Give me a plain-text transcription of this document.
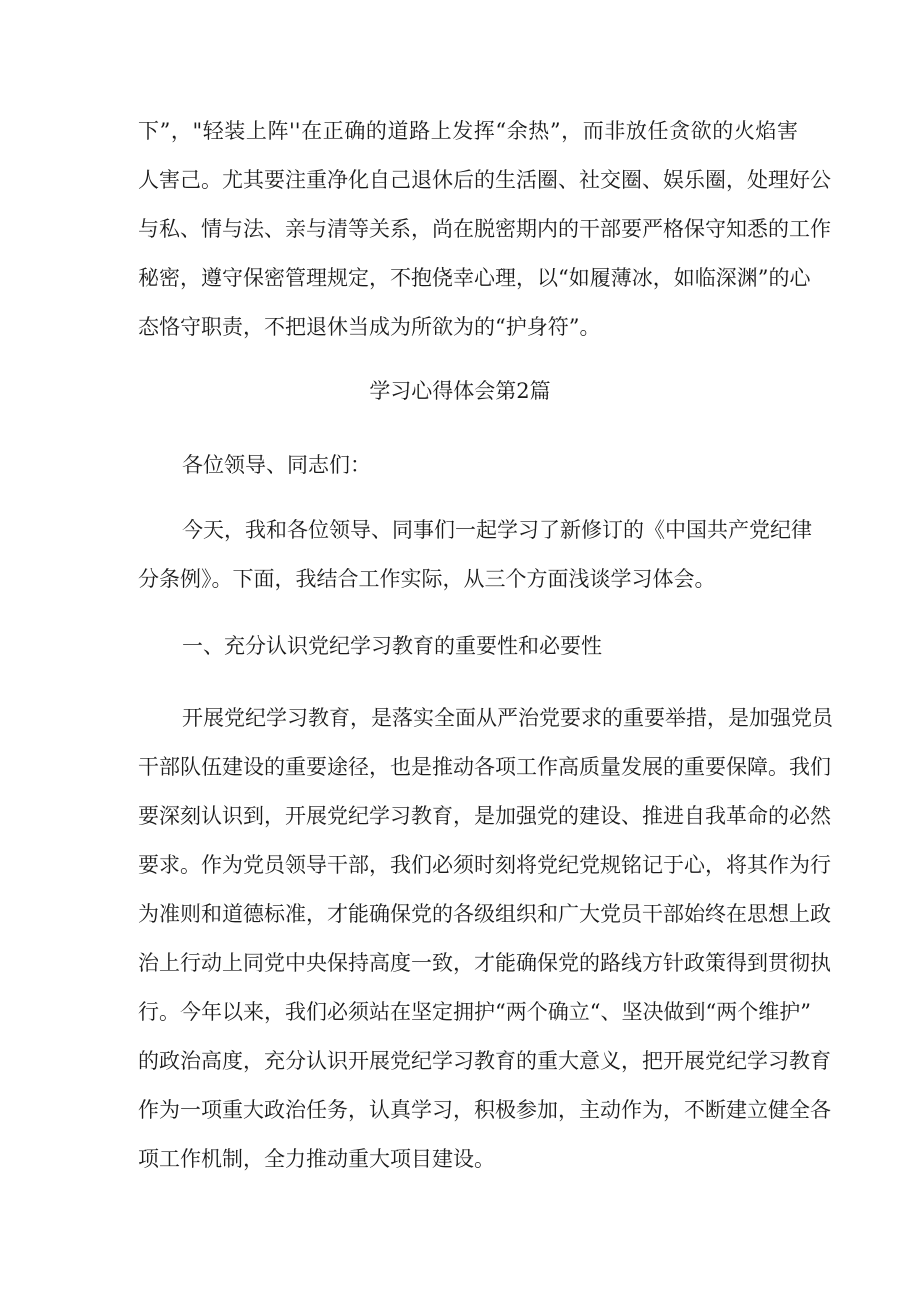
下”，"轻装上阵''在正确的道路上发挥“余热”，而非放任贪欲的火焰害
人害己。尤其要注重净化自己退休后的生活圈、社交圈、娱乐圈，处理好公
与私、情与法、亲与清等关系，尚在脱密期内的干部要严格保守知悉的工作
秘密，遵守保密管理规定，不抱侥幸心理，以“如履薄冰，如临深渊”的心
态恪守职责，不把退休当成为所欲为的“护身符”。
学习心得体会第2篇
各位领导、同志们：
今天，我和各位领导、同事们一起学习了新修订的《中国共产党纪律
分条例》。下面，我结合工作实际，从三个方面浅谈学习体会。
一、充分认识党纪学习教育的重要性和必要性
开展党纪学习教育，是落实全面从严治党要求的重要举措，是加强党员
干部队伍建设的重要途径，也是推动各项工作高质量发展的重要保障。我们
要深刻认识到，开展党纪学习教育，是加强党的建设、推进自我革命的必然
要求。作为党员领导干部，我们必须时刻将党纪党规铭记于心，将其作为行
为准则和道德标准，才能确保党的各级组织和广大党员干部始终在思想上政
治上行动上同党中央保持高度一致，才能确保党的路线方针政策得到贯彻执
行。今年以来，我们必须站在坚定拥护“两个确立“、坚决做到“两个维护”
的政治高度，充分认识开展党纪学习教育的重大意义，把开展党纪学习教育
作为一项重大政治任务，认真学习，积极参加，主动作为，不断建立健全各
项工作机制，全力推动重大项目建设。
